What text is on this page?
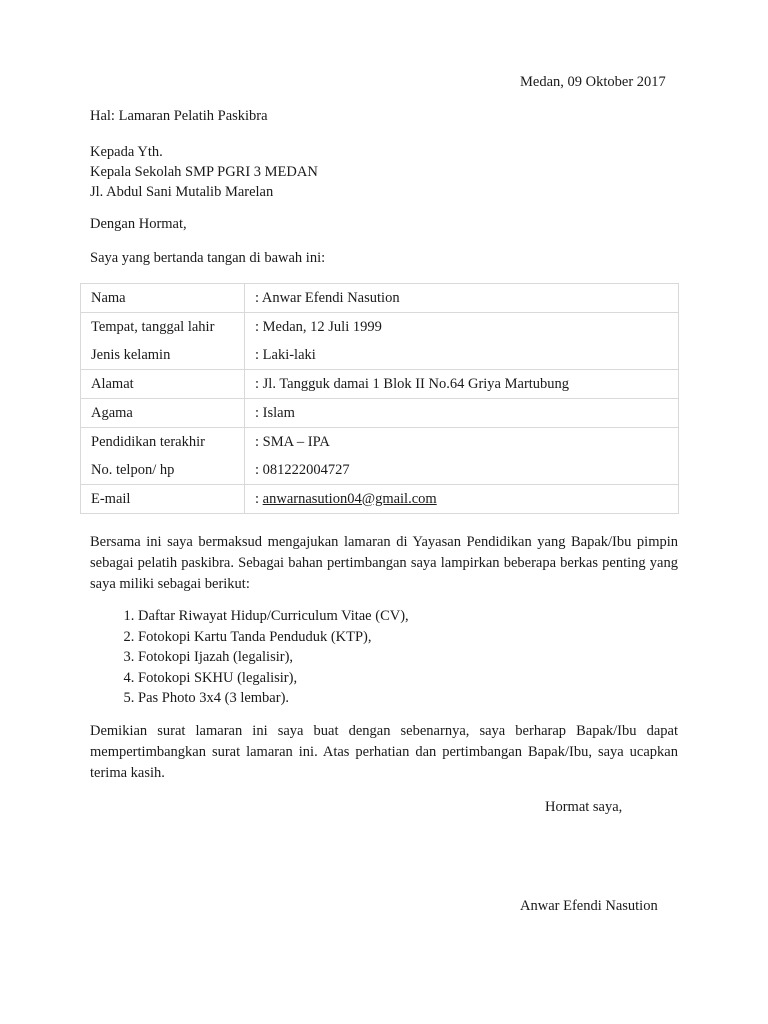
Medan, 09 Oktober 2017
Hal: Lamaran Pelatih Paskibra
Kepada Yth.
Kepala Sekolah SMP PGRI 3 MEDAN
Jl. Abdul Sani Mutalib Marelan
Dengan Hormat,
Saya yang bertanda tangan di bawah ini:
Nama	: Anwar Efendi Nasution
Tempat, tanggal lahir	: Medan, 12 Juli 1999
Jenis kelamin	: Laki-laki
Alamat	: Jl. Tangguk damai 1 Blok II No.64 Griya Martubung
Agama	: Islam
Pendidikan terakhir	: SMA – IPA
No. telpon/ hp	: 081222004727
E-mail	: anwarnasution04@gmail.com
Bersama ini saya bermaksud mengajukan lamaran di Yayasan Pendidikan yang Bapak/Ibu pimpin sebagai pelatih paskibra. Sebagai bahan pertimbangan saya lampirkan beberapa berkas penting yang saya miliki sebagai berikut:
1. Daftar Riwayat Hidup/Curriculum Vitae (CV),
2. Fotokopi Kartu Tanda Penduduk (KTP),
3. Fotokopi Ijazah (legalisir),
4. Fotokopi SKHU (legalisir),
5. Pas Photo 3x4 (3 lembar).
Demikian surat lamaran ini saya buat dengan sebenarnya, saya berharap Bapak/Ibu dapat mempertimbangkan surat lamaran ini. Atas perhatian dan pertimbangan Bapak/Ibu, saya ucapkan terima kasih.
Hormat saya,
Anwar Efendi Nasution
